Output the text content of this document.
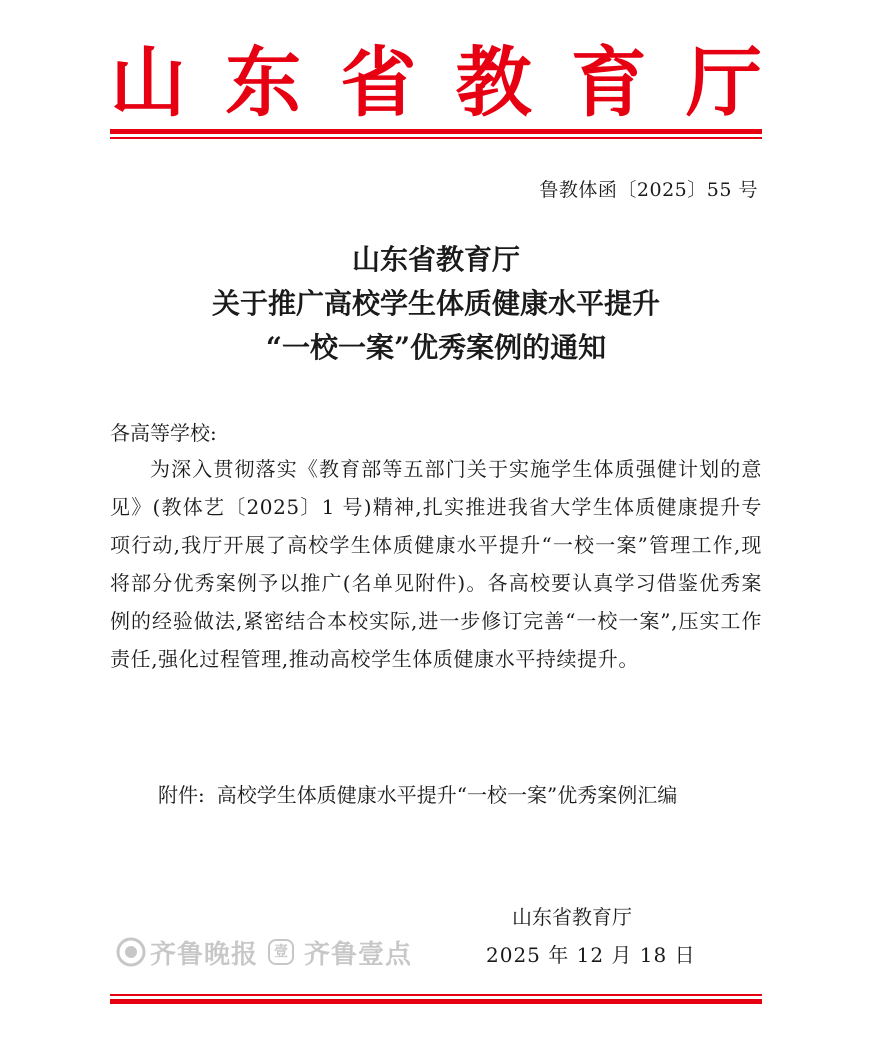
山 东 省 教 育 厅
鲁教体函〔2025〕55 号
山东省教育厅
关于推广高校学生体质健康水平提升
“一校一案”优秀案例的通知
各高等学校:
为深入贯彻落实《教育部等五部门关于实施学生体质强健计划的意见》(教体艺〔2025〕1 号)精神,扎实推进我省大学生体质健康提升专项行动,我厅开展了高校学生体质健康水平提升“一校一案”管理工作,现将部分优秀案例予以推广(名单见附件)。各高校要认真学习借鉴优秀案例的经验做法,紧密结合本校实际,进一步修订完善“一校一案”,压实工作责任,强化过程管理,推动高校学生体质健康水平持续提升。
附件: 高校学生体质健康水平提升“一校一案”优秀案例汇编
齐鲁晚报	壹 齐鲁壹点
山东省教育厅
2025 年 12 月 18 日
